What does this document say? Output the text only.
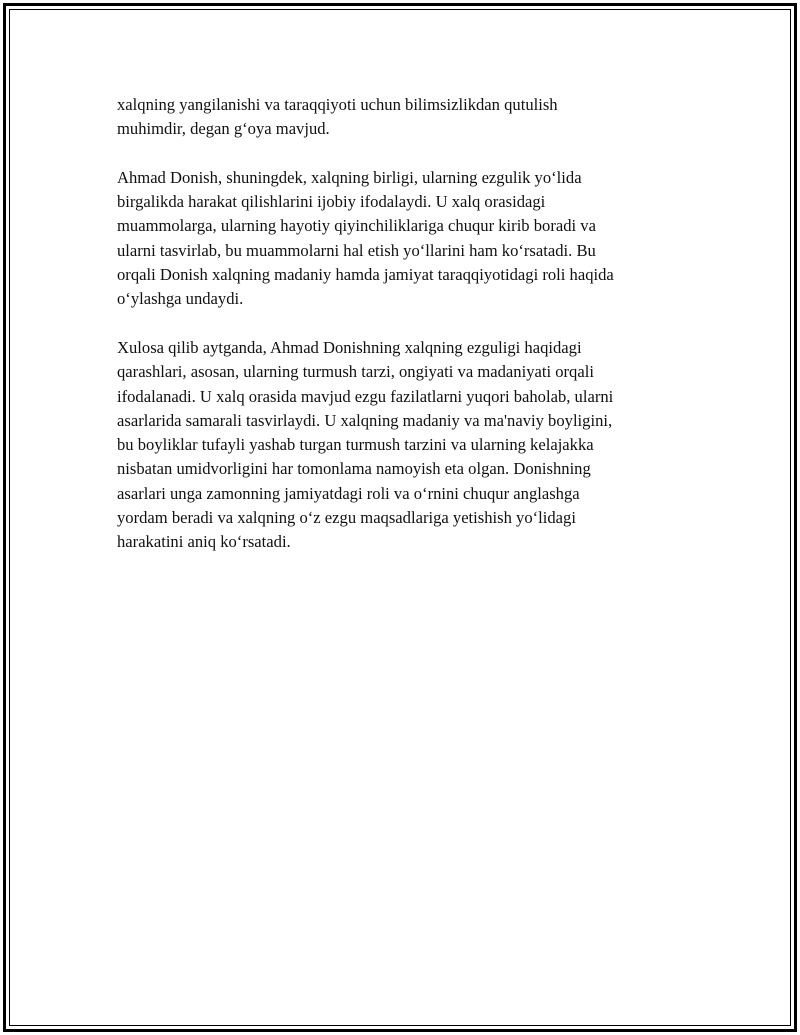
xalqning yangilanishi va taraqqiyoti uchun bilimsizlikdan qutulish
muhimdir, degan g‘oya mavjud.

Ahmad Donish, shuningdek, xalqning birligi, ularning ezgulik yo‘lida
birgalikda harakat qilishlarini ijobiy ifodalaydi. U xalq orasidagi
muammolarga, ularning hayotiy qiyinchiliklariga chuqur kirib boradi va
ularni tasvirlab, bu muammolarni hal etish yo‘llarini ham ko‘rsatadi. Bu
orqali Donish xalqning madaniy hamda jamiyat taraqqiyotidagi roli haqida
o‘ylashga undaydi.

Xulosa qilib aytganda, Ahmad Donishning xalqning ezguligi haqidagi
qarashlari, asosan, ularning turmush tarzi, ongiyati va madaniyati orqali
ifodalanadi. U xalq orasida mavjud ezgu fazilatlarni yuqori baholab, ularni
asarlarida samarali tasvirlaydi. U xalqning madaniy va ma'naviy boyligini,
bu boyliklar tufayli yashab turgan turmush tarzini va ularning kelajakka
nisbatan umidvorligini har tomonlama namoyish eta olgan. Donishning
asarlari unga zamonning jamiyatdagi roli va o‘rnini chuqur anglashga
yordam beradi va xalqning o‘z ezgu maqsadlariga yetishish yo‘lidagi
harakatini aniq ko‘rsatadi.
